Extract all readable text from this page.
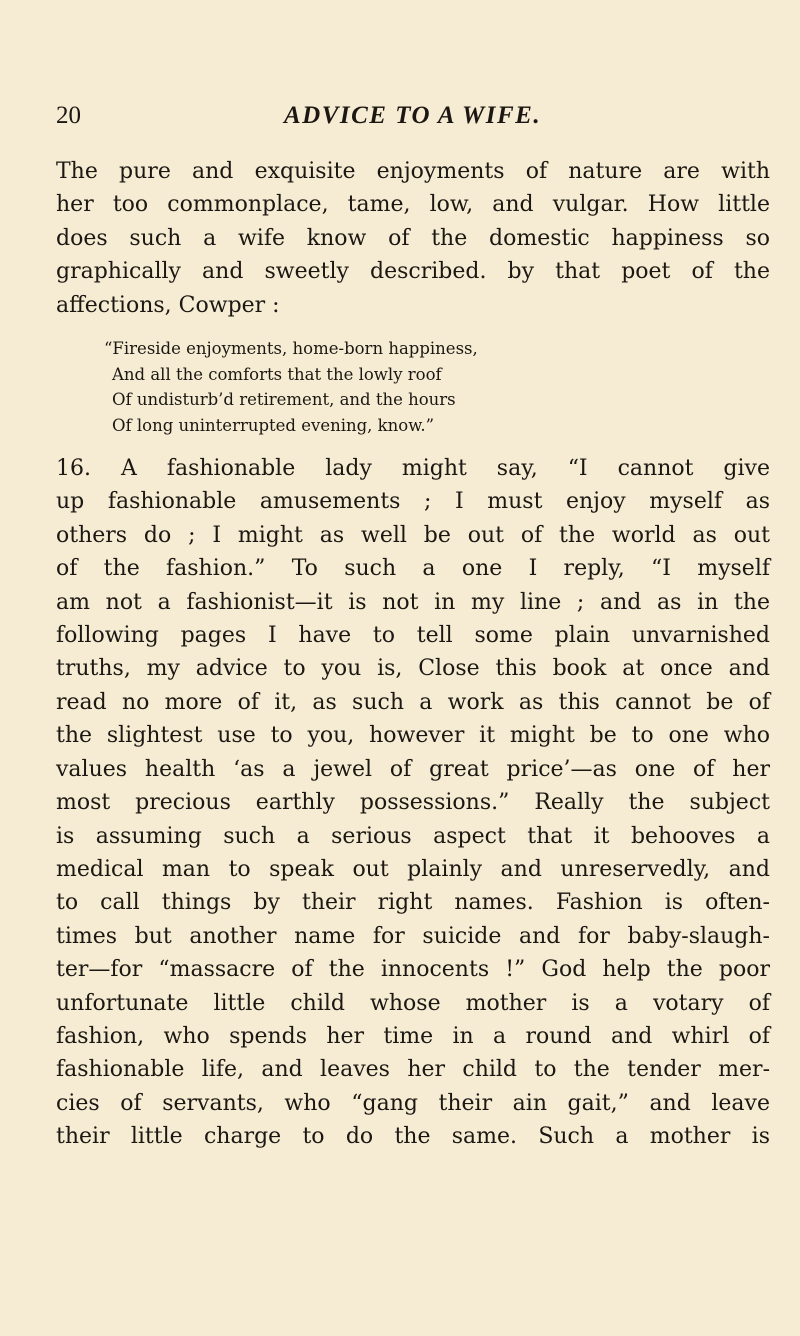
20	ADVICE TO A WIFE.

The pure and exquisite enjoyments of nature are with
her too commonplace, tame, low, and vulgar. How little
does such a wife know of the domestic happiness so
graphically and sweetly described. by that poet of the
affections, Cowper :

“Fireside enjoyments, home-born happiness,
And all the comforts that the lowly roof
Of undisturb’d retirement, and the hours
Of long uninterrupted evening, know.”

16. A fashionable lady might say, “I cannot give
up fashionable amusements ; I must enjoy myself as
others do ; I might as well be out of the world as out
of the fashion.” To such a one I reply, “I myself
am not a fashionist—it is not in my line ; and as in the
following pages I have to tell some plain unvarnished
truths, my advice to you is, Close this book at once and
read no more of it, as such a work as this cannot be of
the slightest use to you, however it might be to one who
values health ‘as a jewel of great price’—as one of her
most precious earthly possessions.” Really the subject
is assuming such a serious aspect that it behooves a
medical man to speak out plainly and unreservedly, and
to call things by their right names. Fashion is often-
times but another name for suicide and for baby-slaugh-
ter—for “massacre of the innocents !” God help the poor
unfortunate little child whose mother is a votary of
fashion, who spends her time in a round and whirl of
fashionable life, and leaves her child to the tender mer-
cies of servants, who “gang their ain gait,” and leave
their little charge to do the same. Such a mother is
